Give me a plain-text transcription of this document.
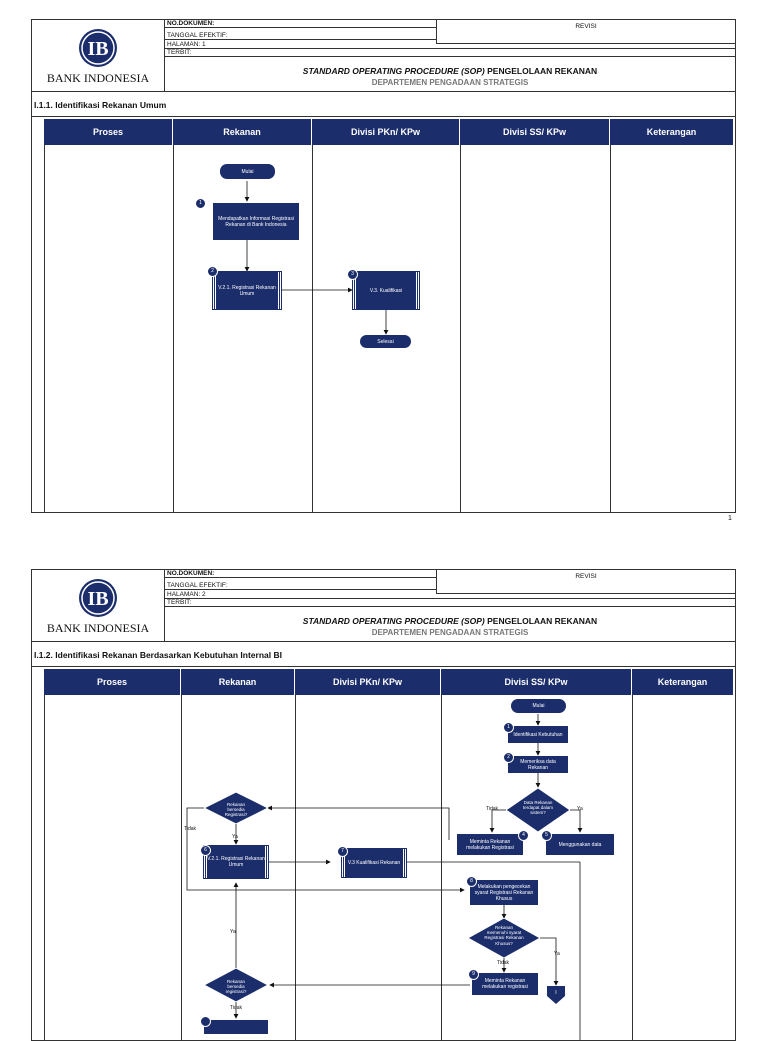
IB
BANK INDONESIA
NO.DOKUMEN:	REVISI
TANGGAL EFEKTIF:
HALAMAN: 1
TERBIT:
STANDARD OPERATING PROCEDURE (SOP) PENGELOLAAN REKANAN
DEPARTEMEN PENGADAAN STRATEGIS
I.1.1. Identifikasi Rekanan Umum
Proses	Rekanan	Divisi PKn/ KPw	Divisi SS/ KPw	Keterangan
Mulai
Mendapatkan Informasi Registrasi Rekanan di Bank Indonesia
1
V.2.1. Registrasi Rekanan Umum
2
V.3. Kualifikasi
3
Selesai
1
IB
BANK INDONESIA
NO.DOKUMEN:	REVISI
TANGGAL EFEKTIF:
HALAMAN: 2
TERBIT:
STANDARD OPERATING PROCEDURE (SOP) PENGELOLAAN REKANAN
DEPARTEMEN PENGADAAN STRATEGIS
I.1.2. Identifikasi Rekanan Berdasarkan Kebutuhan Internal BI
Proses	Rekanan	Divisi PKn/ KPw	Divisi SS/ KPw	Keterangan
Mulai
Identifikasi Kebutuhan
1
Memeriksa data Rekanan
2
Data Rekanan terdapat dalam sistem?
Tidak	Ya
Meminta Rekanan melakukan Registrasi
4
Menggunakan data
5
Rekanan bersedia Registrasi?
Tidak
Ya
V.2.1. Registrasi Rekanan Umum
6
V.3 Kualifikasi Rekanan
7
Melakukan pengecekan syarat Registrasi Rekanan Khusus
8
Rekanan memenuhi syarat Registrasi Rekanan Khusus?
Tidak
Ya
Meminta Rekanan melakukan registrasi
9
I
Rekanan bersedia registrasi?
Ya
Tidak
